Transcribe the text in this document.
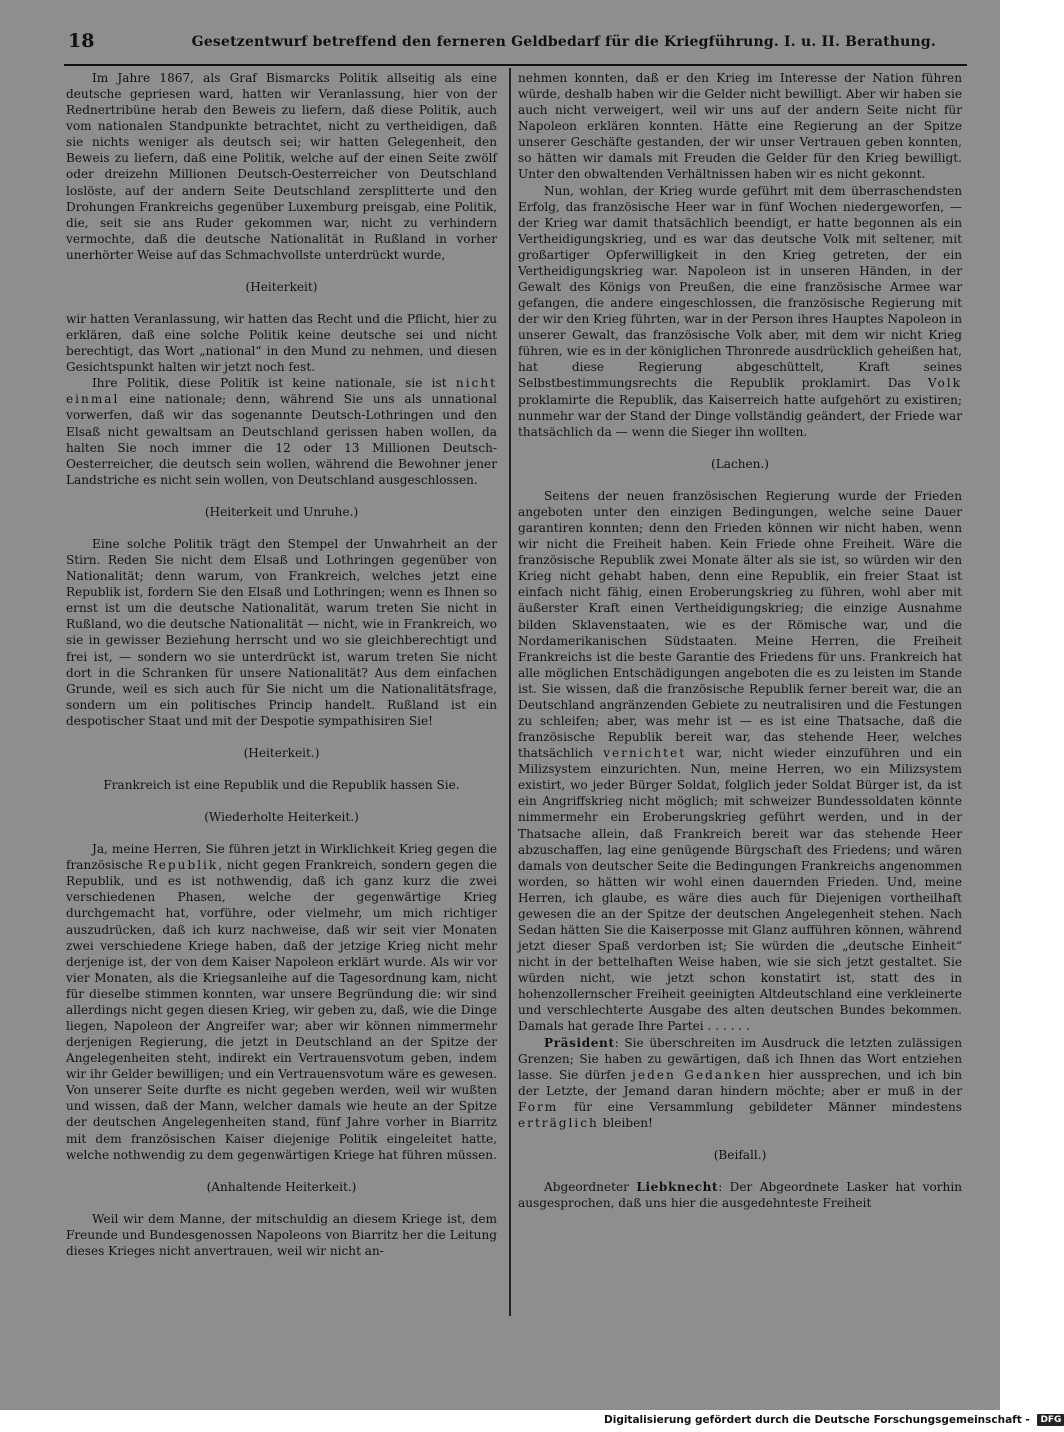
18	Gesetzentwurf betreffend den ferneren Geldbedarf für die Kriegführung. I. u. II. Berathung.

Im Jahre 1867, als Graf Bismarcks Politik allseitig als eine deutsche gepriesen ward, hatten wir Veranlassung, hier von der Rednertribüne herab den Beweis zu liefern, daß diese Politik, auch vom nationalen Standpunkte betrachtet, nicht zu vertheidigen, daß sie nichts weniger als deutsch sei; wir hatten Gelegenheit, den Beweis zu liefern, daß eine Politik, welche auf der einen Seite zwölf oder dreizehn Millionen Deutsch-Oesterreicher von Deutschland loslöste, auf der andern Seite Deutschland zersplitterte und den Drohungen Frankreichs gegenüber Luxemburg preisgab, eine Politik, die, seit sie ans Ruder gekommen war, nicht zu verhindern vermochte, daß die deutsche Nationalität in Rußland in vorher unerhörter Weise auf das Schmachvollste unterdrückt wurde,

(Heiterkeit)

wir hatten Veranlassung, wir hatten das Recht und die Pflicht, hier zu erklären, daß eine solche Politik keine deutsche sei und nicht berechtigt, das Wort „national“ in den Mund zu nehmen, und diesen Gesichtspunkt halten wir jetzt noch fest.

Ihre Politik, diese Politik ist keine nationale, sie ist nicht einmal eine nationale; denn, während Sie uns als unnational vorwerfen, daß wir das sogenannte Deutsch-Lothringen und den Elsaß nicht gewaltsam an Deutschland gerissen haben wollen, da halten Sie noch immer die 12 oder 13 Millionen Deutsch-Oesterreicher, die deutsch sein wollen, während die Bewohner jener Landstriche es nicht sein wollen, von Deutschland ausgeschlossen.

(Heiterkeit und Unruhe.)

Eine solche Politik trägt den Stempel der Unwahrheit an der Stirn. Reden Sie nicht dem Elsaß und Lothringen gegenüber von Nationalität; denn warum, von Frankreich, welches jetzt eine Republik ist, fordern Sie den Elsaß und Lothringen; wenn es Ihnen so ernst ist um die deutsche Nationalität, warum treten Sie nicht in Rußland, wo die deutsche Nationalität — nicht, wie in Frankreich, wo sie in gewisser Beziehung herrscht und wo sie gleichberechtigt und frei ist, — sondern wo sie unterdrückt ist, warum treten Sie nicht dort in die Schranken für unsere Nationalität? Aus dem einfachen Grunde, weil es sich auch für Sie nicht um die Nationalitätsfrage, sondern um ein politisches Princip handelt. Rußland ist ein despotischer Staat und mit der Despotie sympathisiren Sie!

(Heiterkeit.)

Frankreich ist eine Republik und die Republik hassen Sie.

(Wiederholte Heiterkeit.)

Ja, meine Herren, Sie führen jetzt in Wirklichkeit Krieg gegen die französische Republik, nicht gegen Frankreich, sondern gegen die Republik, und es ist nothwendig, daß ich ganz kurz die zwei verschiedenen Phasen, welche der gegenwärtige Krieg durchgemacht hat, vorführe, oder vielmehr, um mich richtiger auszudrücken, daß ich kurz nachweise, daß wir seit vier Monaten zwei verschiedene Kriege haben, daß der jetzige Krieg nicht mehr derjenige ist, der von dem Kaiser Napoleon erklärt wurde. Als wir vor vier Monaten, als die Kriegsanleihe auf die Tagesordnung kam, nicht für dieselbe stimmen konnten, war unsere Begründung die: wir sind allerdings nicht gegen diesen Krieg, wir geben zu, daß, wie die Dinge liegen, Napoleon der Angreifer war; aber wir können nimmermehr derjenigen Regierung, die jetzt in Deutschland an der Spitze der Angelegenheiten steht, indirekt ein Vertrauensvotum geben, indem wir ihr Gelder bewilligen; und ein Vertrauensvotum wäre es gewesen. Von unserer Seite durfte es nicht gegeben werden, weil wir wußten und wissen, daß der Mann, welcher damals wie heute an der Spitze der deutschen Angelegenheiten stand, fünf Jahre vorher in Biarritz mit dem französischen Kaiser diejenige Politik eingeleitet hatte, welche nothwendig zu dem gegenwärtigen Kriege hat führen müssen.

(Anhaltende Heiterkeit.)

Weil wir dem Manne, der mitschuldig an diesem Kriege ist, dem Freunde und Bundesgenossen Napoleons von Biarritz her die Leitung dieses Krieges nicht anvertrauen, weil wir nicht an-

nehmen konnten, daß er den Krieg im Interesse der Nation führen würde, deshalb haben wir die Gelder nicht bewilligt. Aber wir haben sie auch nicht verweigert, weil wir uns auf der andern Seite nicht für Napoleon erklären konnten. Hätte eine Regierung an der Spitze unserer Geschäfte gestanden, der wir unser Vertrauen geben konnten, so hätten wir damals mit Freuden die Gelder für den Krieg bewilligt. Unter den obwaltenden Verhältnissen haben wir es nicht gekonnt.

Nun, wohlan, der Krieg wurde geführt mit dem überraschendsten Erfolg, das französische Heer war in fünf Wochen niedergeworfen, — der Krieg war damit thatsächlich beendigt, er hatte begonnen als ein Vertheidigungskrieg, und es war das deutsche Volk mit seltener, mit großartiger Opferwilligkeit in den Krieg getreten, der ein Vertheidigungskrieg war. Napoleon ist in unseren Händen, in der Gewalt des Königs von Preußen, die eine französische Armee war gefangen, die andere eingeschlossen, die französische Regierung mit der wir den Krieg führten, war in der Person ihres Hauptes Napoleon in unserer Gewalt, das französische Volk aber, mit dem wir nicht Krieg führen, wie es in der königlichen Thronrede ausdrücklich geheißen hat, hat diese Regierung abgeschüttelt, Kraft seines Selbstbestimmungsrechts die Republik proklamirt. Das Volk proklamirte die Republik, das Kaiserreich hatte aufgehört zu existiren; nunmehr war der Stand der Dinge vollständig geändert, der Friede war thatsächlich da — wenn die Sieger ihn wollten.

(Lachen.)

Seitens der neuen französischen Regierung wurde der Frieden angeboten unter den einzigen Bedingungen, welche seine Dauer garantiren konnten; denn den Frieden können wir nicht haben, wenn wir nicht die Freiheit haben. Kein Friede ohne Freiheit. Wäre die französische Republik zwei Monate älter als sie ist, so würden wir den Krieg nicht gehabt haben, denn eine Republik, ein freier Staat ist einfach nicht fähig, einen Eroberungskrieg zu führen, wohl aber mit äußerster Kraft einen Vertheidigungskrieg; die einzige Ausnahme bilden Sklavenstaaten, wie es der Römische war, und die Nordamerikanischen Südstaaten. Meine Herren, die Freiheit Frankreichs ist die beste Garantie des Friedens für uns. Frankreich hat alle möglichen Entschädigungen angeboten die es zu leisten im Stande ist. Sie wissen, daß die französische Republik ferner bereit war, die an Deutschland angränzenden Gebiete zu neutralisiren und die Festungen zu schleifen; aber, was mehr ist — es ist eine Thatsache, daß die französische Republik bereit war, das stehende Heer, welches thatsächlich vernichtet war, nicht wieder einzuführen und ein Milizsystem einzurichten. Nun, meine Herren, wo ein Milizsystem existirt, wo jeder Bürger Soldat, folglich jeder Soldat Bürger ist, da ist ein Angriffskrieg nicht möglich; mit schweizer Bundessoldaten könnte nimmermehr ein Eroberungskrieg geführt werden, und in der Thatsache allein, daß Frankreich bereit war das stehende Heer abzuschaffen, lag eine genügende Bürgschaft des Friedens; und wären damals von deutscher Seite die Bedingungen Frankreichs angenommen worden, so hätten wir wohl einen dauernden Frieden. Und, meine Herren, ich glaube, es wäre dies auch für Diejenigen vortheilhaft gewesen die an der Spitze der deutschen Angelegenheit stehen. Nach Sedan hätten Sie die Kaiserposse mit Glanz aufführen können, während jetzt dieser Spaß verdorben ist; Sie würden die „deutsche Einheit“ nicht in der bettelhaften Weise haben, wie sie sich jetzt gestaltet. Sie würden nicht, wie jetzt schon konstatirt ist, statt des in hohenzollernscher Freiheit geeinigten Altdeutschland eine verkleinerte und verschlechterte Ausgabe des alten deutschen Bundes bekommen. Damals hat gerade Ihre Partei . . . . . .

Präsident: Sie überschreiten im Ausdruck die letzten zulässigen Grenzen; Sie haben zu gewärtigen, daß ich Ihnen das Wort entziehen lasse. Sie dürfen jeden Gedanken hier aussprechen, und ich bin der Letzte, der Jemand daran hindern möchte; aber er muß in der Form für eine Versammlung gebildeter Männer mindestens erträglich bleiben!

(Beifall.)

Abgeordneter Liebknecht: Der Abgeordnete Lasker hat vorhin ausgesprochen, daß uns hier die ausgedehnteste Freiheit

Digitalisierung gefördert durch die Deutsche Forschungsgemeinschaft - DFG
